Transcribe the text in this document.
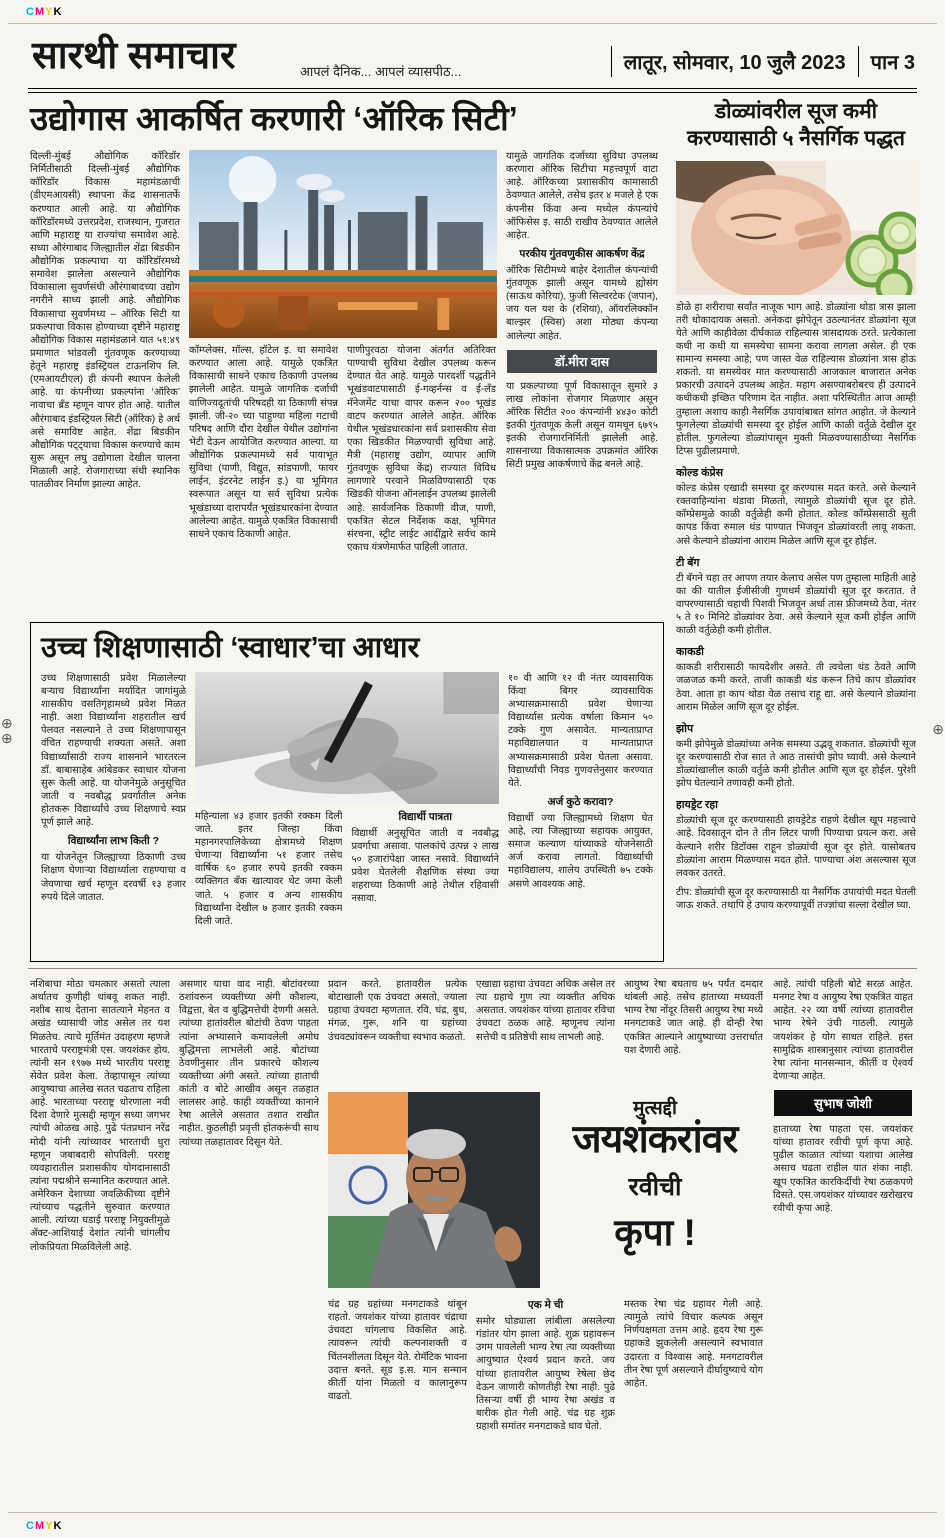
CMYK
⊕
⊕
⊕
सारथी समाचार	आपलं दैनिक... आपलं व्यासपीठ...	लातूर, सोमवार, 10 जुलै 2023	पान 3
उद्योगास आकर्षित करणारी ‘ऑरिक सिटी’
दिल्ली-मुंबई औद्योगिक कॉरिडॉर निर्मितीसाठी दिल्ली-मुंबई औद्योगिक कॉरिडॉर विकास महामंडळाची (डीएमआयसी) स्थापना केंद्र शासनातर्फे करण्यात आली आहे. या औद्योगिक कॉरिडॉरमध्ये उत्तरप्रदेश, राजस्थान, गुजरात आणि महाराष्ट्र या राज्यांचा समावेश आहे. सध्या औरंगाबाद जिल्ह्यातील शेंद्रा बिडकीन औद्योगिक प्रकल्पाचा या कॉरिडॉरमध्ये समावेश झालेला असल्याने औद्योगिक विकासाला सुवर्णसंधी औरंगाबादच्या उद्योग नगरीने साध्य झाली आहे. औद्योगिक विकासाचा सुवर्णमध्य – ऑरिक सिटी या प्रकल्पाचा विकास होण्याच्या दृष्टीने महाराष्ट्र औद्योगिक विकास महामंडळाने यात ५१:४९ प्रमाणात भांडवली गुंतवणूक करण्याच्या हेतूने महाराष्ट्र इंडस्ट्रियल टाऊनशिप लि. (एमआयटीएल) ही कंपनी स्थापन केलेली आहे. या कंपनीच्या प्रकल्पांना ‘ऑरिक’ नावाचा ब्रँड म्हणून वापर होत आहे. यातील औरंगाबाद इंडस्ट्रियल सिटी (ऑरिक) हे अर्थ असे समाविष्ट आहेत. शेंद्रा बिडकीन औद्योगिक पट्ट्याचा विकास करण्याचे काम सुरू असून लघु उद्योगाला देखील चालना मिळाली आहे. रोजगाराच्या संधी स्थानिक पातळीवर निर्माण झाल्या आहेत.
कॉम्प्लेक्स, मॉल्स, हॉटेल इ. चा समावेश करण्यात आला आहे. यामुळे एकत्रित विकासाची साधने एकाच ठिकाणी उपलब्ध झालेली आहेत. यामुळे जागतिक दर्जाची वाणिज्यदूतांची परिषदही या ठिकाणी संपन्न झाली. जी-२० च्या पाहुण्या महिला गटाची परिषद आणि दौरा देखील येथील उद्योगांना भेटी देऊन आयोजित करण्यात आल्या. या औद्योगिक प्रकल्पामध्ये सर्व पायाभूत सुविधा (पाणी, विद्युत, सांडपाणी, फायर लाईन, इंटरनेट लाईन इ.) या भूमिगत स्वरूपात असून या सर्व सुविधा प्रत्येक भूखंडाच्या दारापर्यंत भूखंडधारकांना देण्यात आलेल्या आहेत. यामुळे एकत्रित विकासाची साधने एकाच ठिकाणी आहेत.
पाणीपुरवठा योजना अंतर्गत अतिरिक्त पाण्याची सुविधा देखील उपलब्ध करून देण्यात येत आहे. यामुळे पारदर्शी पद्धतीने भूखंडवाटपासाठी ई-गव्हर्नन्स व ई-लँड मॅनेजमेंट याचा वापर करून २०० भूखंड वाटप करण्यात आलेले आहेत. ऑरिक येथील भूखंडधारकांना सर्व प्रशासकीय सेवा एका खिडकीत मिळण्याची सुविधा आहे. मैत्री (महाराष्ट्र उद्योग, व्यापार आणि गुंतवणूक सुविधा केंद्र) राज्यात विविध लागणारे परवाने मिळविण्यासाठी एक खिडकी योजना ऑनलाईन उपलब्ध झालेली आहे. सार्वजनिक ठिकाणी वीज, पाणी, एकत्रित सेटल निर्देशक कक्ष, भूमिगत संरचना, स्ट्रीट लाईट आदींद्वारे सर्वच कामे एकाच यंत्रणेमार्फत पाहिली जातात.
यामुळे जागतिक दर्जाच्या सुविधा उपलब्ध करणारा ऑरिक सिटीचा महत्त्वपूर्ण वाटा आहे. ऑरिकच्या प्रशासकीय कामासाठी ठेवण्यात आलेले, तसेच इतर ४ मजले हे एक कंपनीस किंवा अन्य मध्येल कंपन्यांचे ऑफिसेस इ. साठी राखीव ठेवण्यात आलेले आहेत.
परकीय गुंतवणुकीस आकर्षण केंद्र
ऑरिक सिटीमध्ये बाहेर देशातील कंपन्यांची गुंतवणूक झाली असून यामध्ये ह्योसंग (साऊथ कोरिया), फुजी सिल्वरटेक (जपान), जय यल यश के (रशिया), ऑयरलिक्कॉन बाल्झर (स्विस) अशा मोठ्या कंपन्या आलेल्या आहेत.
डॉ.मीरा दास
या प्रकल्पाच्या पूर्ण विकासातून सुमारे ३ लाख लोकांना रोजगार मिळणार असून ऑरिक सिटीत २०० कंपन्यांनी ४४३० कोटी इतकी गुंतवणूक केली असून यामधून ६७९५ इतकी रोजगारनिर्मिती झालेली आहे. शासनाच्या विकासात्मक उपक्रमांत ऑरिक सिटी प्रमुख आकर्षणाचे केंद्र बनले आहे.
डोळ्यांवरील सूज कमी करण्यासाठी ५ नैसर्गिक पद्धत
डोळे हा शरीराचा सर्वांत नाजूक भाग आहे. डोळ्यांना थोडा त्रास झाला तरी धोकादायक असतो. अनेकदा झोपेतून उठल्यानंतर डोळ्यांना सूज येते आणि काहीवेळा दीर्घकाळ राहिल्यास त्रासदायक ठरते. प्रत्येकाला कधी ना कधी या समस्येचा सामना करावा लागला असेल. ही एक सामान्य समस्या आहे; पण जास्त वेळ राहिल्यास डोळ्यांना त्रास होऊ शकतो. या समस्येवर मात करण्यासाठी आजकाल बाजारात अनेक प्रकारची उत्पादने उपलब्ध आहेत. महाग असण्याबरोबरच ही उत्पादने कधीकधी इच्छित परिणाम देत नाहीत. अशा परिस्थितीत आज आम्ही तुम्हाला अशाच काही नैसर्गिक उपायांबाबत सांगत आहोत. जे केल्याने फुगलेल्या डोळ्यांची समस्या दूर होईल आणि काळी वर्तुळे देखील दूर होतील. फुगलेल्या डोळ्यांपासून मुक्ती मिळवण्यासाठीच्या नैसर्गिक टिप्स पुढीलप्रमाणे.
कोल्ड कंप्रेस
कोल्ड कंप्रेस एखादी समस्या दूर करण्यास मदत करते. असे केल्याने रक्तवाहिन्यांना थंडावा मिळतो, त्यामुळे डोळ्यांची सूज दूर होते. कॉम्प्रेसमुळे काळी वर्तुळेही कमी होतात. कोल्ड कॉम्प्रेससाठी सुती कापड किंवा रुमाल थंड पाण्यात भिजवून डोळ्यांवरती लावू शकता. असे केल्याने डोळ्यांना आराम मिळेल आणि सूज दूर होईल.
टी बॅग
टी बॅगने चहा तर आपण तयार केलाच असेल पण तुम्हाला माहिती आहे का की यातील ईजीसीजी गुणधर्म डोळ्यांची सूज दूर करतात. ते वापरण्यासाठी चहाची पिशवी भिजवून अर्धा तास फ्रीजमध्ये ठेवा, नंतर ५ ते १० मिनिटे डोळ्यांवर ठेवा. असे केल्याने सूज कमी होईल आणि काळी वर्तुळेही कमी होतील.
काकडी
काकडी शरीरासाठी फायदेशीर असते. ती त्वचेला थंड ठेवते आणि जळजळ कमी करते. ताजी काकडी थंड करून तिचे काप डोळ्यांवर ठेवा. आता हा काप थोडा वेळ तसाच राहू द्या. असे केल्याने डोळ्यांना आराम मिळेल आणि सूज दूर होईल.
झोप
कमी झोपेमुळे डोळ्यांच्या अनेक समस्या उद्भवू शकतात. डोळ्यांची सूज दूर करण्यासाठी रोज सात ते आठ तासांची झोप घ्यावी. असे केल्याने डोळ्यांखालील काळी वर्तुळे कमी होतील आणि सूज दूर होईल. पुरेशी झोप घेतल्याने तणावही कमी होतो.
हायड्रेट रहा
डोळ्यांची सूज दूर करण्यासाठी हायड्रेटेड राहणे देखील खूप महत्त्वाचे आहे. दिवसातून दोन ते तीन लिटर पाणी पिण्याचा प्रयत्न करा. असे केल्याने शरीर डिटॉक्स राहून डोळ्यांची सूज दूर होते. यासोबतच डोळ्यांना आराम मिळण्यास मदत होते. पाण्याचा अंश असल्यास सूज लवकर उतरते.
टीप: डोळ्यांची सूज दूर करण्यासाठी या नैसर्गिक उपायांची मदत घेतली जाऊ शकते. तथापि हे उपाय करण्यापूर्वी तज्ज्ञांचा सल्ला देखील घ्या.
उच्च शिक्षणासाठी ‘स्वाधार’चा आधार
उच्च शिक्षणासाठी प्रवेश मिळालेल्या बऱ्याच विद्यार्थ्यांना मर्यादित जागांमुळे शासकीय वसतिगृहामध्ये प्रवेश मिळत नाही. अशा विद्यार्थ्यांना शहरातील खर्च पेलवत नसल्याने ते उच्च शिक्षणापासून वंचित राहण्याची शक्यता असते. अशा विद्यार्थ्यांसाठी राज्य शासनाने भारतरत्न डॉ. बाबासाहेब आंबेडकर स्वाधार योजना सुरू केली आहे. या योजनेमुळे अनुसूचित जाती व नवबौद्ध प्रवर्गातील अनेक होतकरू विद्यार्थ्यांचे उच्च शिक्षणाचे स्वप्न पूर्ण झाले आहे.
विद्यार्थ्यांना लाभ किती ?
या योजनेतून जिल्ह्याच्या ठिकाणी उच्च शिक्षण घेणाऱ्या विद्यार्थ्याला राहण्याचा व जेवणाचा खर्च म्हणून दरवर्षी १३ हजार रुपये दिले जातात.
महिन्याला ४३ हजार इतकी रक्कम दिली जाते. इतर जिल्हा किंवा महानगरपालिकेच्या क्षेत्रामध्ये शिक्षण घेणाऱ्या विद्यार्थ्यांना ५१ हजार तसेच वार्षिक ६० हजार रुपये इतकी रक्कम व्यक्तिगत बँक खात्यावर थेट जमा केली जाते. ५ हजार व अन्य शासकीय विद्यार्थ्यांना देखील ७ हजार इतकी रक्कम दिली जाते.
विद्यार्थी पात्रता
विद्यार्थी अनुसूचित जाती व नवबौद्ध प्रवर्गाचा असावा. पालकांचे उत्पन्न २ लाख ५० हजारांपेक्षा जास्त नसावे. विद्यार्थ्याने प्रवेश घेतलेली शैक्षणिक संस्था ज्या शहराच्या ठिकाणी आहे तेथील रहिवासी नसावा.
१० वी आणि १२ वी नंतर व्यावसायिक किंवा बिगर व्यावसायिक अभ्यासक्रमासाठी प्रवेश घेणाऱ्या विद्यार्थ्यास प्रत्येक वर्षाला किमान ५० टक्के गुण असावेत. मान्यताप्राप्त महाविद्यालयात व मान्यताप्राप्त अभ्यासक्रमासाठी प्रवेश घेतला असावा. विद्यार्थ्यांची निवड गुणवत्तेनुसार करण्यात येते.
अर्ज कुठे करावा?
विद्यार्थी ज्या जिल्ह्यामध्ये शिक्षण घेत आहे, त्या जिल्ह्याच्या सहायक आयुक्त, समाज कल्याण यांच्याकडे योजनेसाठी अर्ज करावा लागतो. विद्यार्थ्याची महाविद्यालय, शालेय उपस्थिती ७५ टक्के असणे आवश्यक आहे.
नशिबाचा मोठा चमत्कार असतो त्याला अर्थातच कुणीही थांबवू शकत नाही. नशीब साथ देताना सातत्याने मेहनत व अखंड ध्यासाची जोड असेल तर यश मिळतेच. त्याचे मूर्तिमंत उदाहरण म्हणजे भारताचे परराष्ट्रमंत्री एस. जयशंकर होय. त्यांनी सन १९७७ मध्ये भारतीय परराष्ट्र सेवेत प्रवेश केला. तेव्हापासून त्यांच्या आयुष्याचा आलेख सतत चढताच राहिला आहे. भारताच्या परराष्ट्र धोरणाला नवी दिशा देणारे मुत्सद्दी म्हणून सध्या जगभर त्यांची ओळख आहे. पुढे पंतप्रधान नरेंद्र मोदी यांनी त्यांच्यावर भारताची धुरा म्हणून जबाबदारी सोपविली. परराष्ट्र व्यवहारातील प्रशासकीय योगदानासाठी त्यांना पद्मश्रीने सन्मानित करण्यात आले. अमेरिकन देशाच्या जवळिकीच्या दृष्टीने त्यांच्याच पद्धतीने सुरुवात करण्यात आली. त्यांच्या घडाई परराष्ट्र नियुक्तीमुळे ॲक्ट-आशियाई देशांत त्यांनी चांगलीच लोकप्रियता मिळविलेली आहे.
असणार याचा वाद नाही. बोटांवरच्या ठशांवरून व्यक्तीच्या अंगी कौशल्य, विद्वत्ता, बेत व बुद्धिमत्तेची देणगी असते. त्यांच्या हातांवरील बोटांची ठेवण पाहता त्यांना अभ्यासाने कमावलेली अमोघ बुद्धिमत्ता लाभलेली आहे. बोटांच्या ठेवणीनुसार तीन प्रकारचे कौशल्य व्यक्तीच्या अंगी असते. त्यांच्या हाताची कांती व बोटे आखीव असून तळहात लालसर आहे. काही व्यक्तींच्या कानाने रेषा आलेले असतात तशात राखीत नाहीत. कुठलीही प्रवृत्ती होतकरूंची साथ त्यांच्या तळहातावर दिसून येते.
प्रदान करते. हातावरील प्रत्येक बोटाखाली एक उंचवटा असतो, ज्याला ग्रहाचा उंचवटा म्हणतात. रवि, चंद्र, बुध, मंगळ, गुरू, शनि या ग्रहांच्या उंचवट्यांवरून व्यक्तीचा स्वभाव कळतो.
एखाद्या ग्रहाचा उंचवटा अधिक असेल तर त्या ग्रहाचे गुण त्या व्यक्तीत अधिक असतात. जयशंकर यांच्या हातावर रविचा उंचवटा ठळक आहे. म्हणूनच त्यांना सत्तेची व प्रतिष्ठेची साथ लाभली आहे.
आयुष्य रेषा बघताच ७५ पर्यंत दमदार थांबली आहे. तसेच हाताच्या मध्यवर्ती भाग्य रेषा नोंदूर तिसरी आयुष्य रेषा मध्ये मनगटाकडे जात आहे. ही दोन्ही रेषा एकत्रित आल्याने आयुष्याच्या उत्तरार्धात यश देणारी आहे.
मुत्सद्दी
जयशंकरांवर
रवीची
कृपा !
चंद्र ग्रह ग्रहांच्या मनगटाकडे थांबून राहतो. जयशंकर यांच्या हातावर चंद्राचा उंचवटा चांगलाच विकसित आहे. त्यावरून त्यांची कल्पनाशक्ती व चिंतनशीलता दिसून येते. रोमॅटिक भावना उदात्त बनते. सूड इ.स. मान सन्मान कीर्ती यांना मिळतो व कालानुरूप वाढतो.
एक मे ची
समोर घोड्याला लांबीला असलेल्या गंडांतर योग झाला आहे. शुक्र ग्रहावरून उगम पावलेली भाग्य रेषा त्या व्यक्तीच्या आयुष्यात ऐश्वर्य प्रदान करते. जय यांच्या हातावरील आयुष्य रेषेला छेद देऊन जाणारी कोणतीही रेषा नाही. पुढे तिसऱ्या वर्षी ही भाग्य रेषा अखंड व बारीक होत गेली आहे. चंद्र ग्रह शुक्र ग्रहाशी समांतर मनगटाकडे धाव घेतो.
मस्तक रेषा चंद्र ग्रहावर गेली आहे. त्यामुळे त्यांचे विचार कल्पक असून निर्णयक्षमता उत्तम आहे. हृदय रेषा गुरू ग्रहाकडे झुकलेली असल्याने स्वभावात उदारता व विश्वास आहे. मनगटावरील तीन रेषा पूर्ण असल्याने दीर्घायुष्याचे योग आहेत.
आहे. त्यांची पहिली बोटे सरळ आहेत. मनगट रेषा व आयुष्य रेषा एकत्रित वाहत आहेत. २२ व्या वर्षी त्यांच्या हातावरील भाग्य रेषेने उंची गाठली. त्यामुळे जयशंकर हे योग साधत राहिले. हस्त सामुद्रिक शास्त्रानुसार त्यांच्या हातावरील रेषा त्यांना मानसन्मान, कीर्ती व ऐश्वर्य देणाऱ्या आहेत.
सुभाष जोशी
हाताच्या रेषा पाहता एस. जयशंकर यांच्या हातावर रवीची पूर्ण कृपा आहे. पुढील काळात त्यांच्या यशाचा आलेख असाच चढता राहील यात शंका नाही. खूप एकत्रित कारकिर्दीची रेषा ठळकपणे दिसते. एस.जयशंकर यांच्यावर खरोखरच रवीची कृपा आहे.
CMYK
